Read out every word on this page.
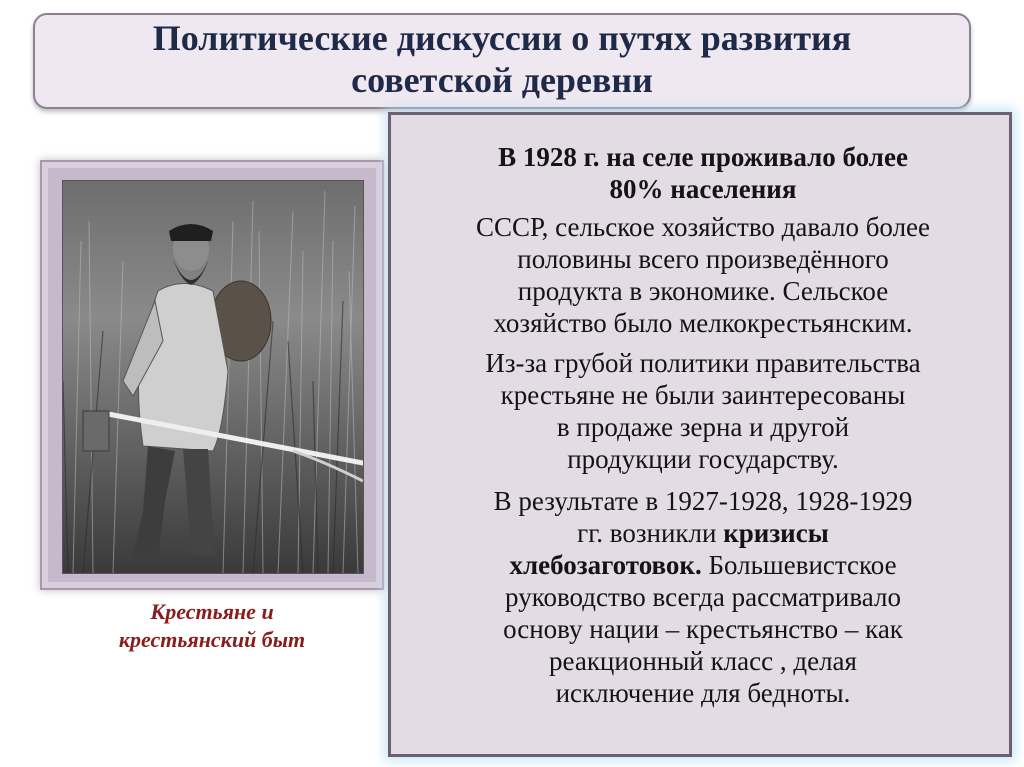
Политические дискуссии о путях развития
советской деревни
Крестьяне и
крестьянский быт
В 1928 г. на селе проживало более
80% населения
СССР, сельское хозяйство давало более
половины всего произведённого
продукта в экономике. Сельское
хозяйство было мелкокрестьянским.
Из-за грубой политики правительства
крестьяне не были заинтересованы
в продаже зерна и другой
продукции государству.
В результате в 1927-1928, 1928-1929
гг. возникли кризисы
хлебозаготовок. Большевистское
руководство всегда рассматривало
основу нации – крестьянство – как
реакционный класс , делая
исключение для бедноты.
